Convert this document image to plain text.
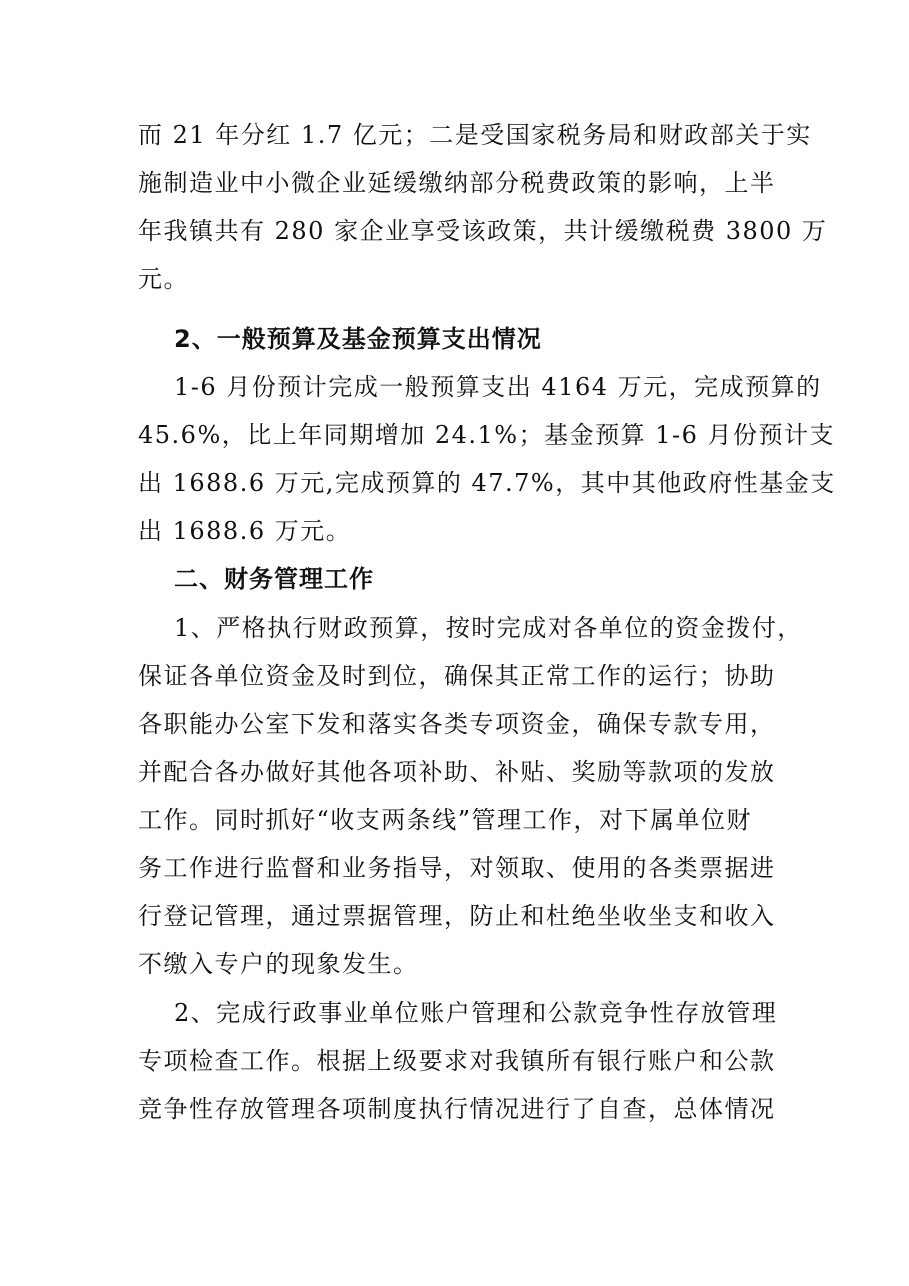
而 21 年分红 1.7 亿元；二是受国家税务局和财政部关于实
施制造业中小微企业延缓缴纳部分税费政策的影响，上半
年我镇共有 280 家企业享受该政策，共计缓缴税费 3800 万
元。
2、一般预算及基金预算支出情况
1-6 月份预计完成一般预算支出 4164 万元，完成预算的
45.6%，比上年同期增加 24.1%；基金预算 1-6 月份预计支
出 1688.6 万元,完成预算的 47.7%，其中其他政府性基金支
出 1688.6 万元。
二、财务管理工作
1、严格执行财政预算，按时完成对各单位的资金拨付，
保证各单位资金及时到位，确保其正常工作的运行；协助
各职能办公室下发和落实各类专项资金，确保专款专用，
并配合各办做好其他各项补助、补贴、奖励等款项的发放
工作。同时抓好“收支两条线”管理工作，对下属单位财
务工作进行监督和业务指导，对领取、使用的各类票据进
行登记管理，通过票据管理，防止和杜绝坐收坐支和收入
不缴入专户的现象发生。
2、完成行政事业单位账户管理和公款竞争性存放管理
专项检查工作。根据上级要求对我镇所有银行账户和公款
竞争性存放管理各项制度执行情况进行了自查，总体情况
